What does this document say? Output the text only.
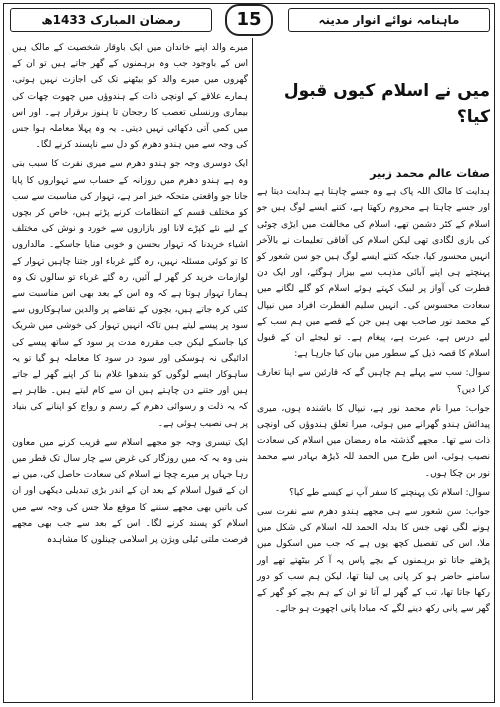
ماہنامہ نوائے انوار مدینہ
15
رمضان المبارک 1433ھ
میں نے اسلام کیوں قبول کیا؟
صفات عالم محمد زبیر

ہدایت کا مالک اللہ پاک ہے وہ جسے چاہتا ہے ہدایت دیتا ہے اور جسے چاہتا ہے محروم رکھتا ہے، کتنے ایسے لوگ ہیں جو اسلام کے کٹر دشمن تھے، اسلام کی مخالفت میں ایڑی چوٹی کی بازی لگادی تھی لیکن اسلام کی آفاقی تعلیمات نے بالآخر انہیں محسور کیا، جبکہ کتنے ایسے لوگ ہیں جو سن شعور کو پہنچتے ہی اپنے آبائی مذہب سے بیزار ہوگئے، اور ایک دن فطرت کی آواز پر لبیک کہتے ہوئے اسلام کو گلے لگانے میں سعادت محسوس کی۔ انہیں سلیم الفطرت افراد میں نیپال کے محمد نور صاحب بھی ہیں جن کے قصے میں ہم سب کے لیے درس ہے، عبرت ہے، پیغام ہے۔ تو لیجئے ان کے قبول اسلام کا قصہ ذیل کے سطور میں بیان کیا جارہا ہے:

سوال: سب سے پہلے ہم چاہیں گے کہ قارئین سے اپنا تعارف کرا دیں؟

جواب: میرا نام محمد نور ہے، نیپال کا باشندہ ہوں، میری پیدائش ہندو گھرانے میں ہوئی، میرا تعلق ہندوؤں کی اونچی ذات سے تھا۔ مجھے گذشتہ ماہ رمضان میں اسلام کی سعادت نصیب ہوئی، اس طرح میں الحمد للہ ڈیڑھ بہادر سے محمد نور بن چکا ہوں۔

سوال: اسلام تک پہنچنے کا سفر آپ نے کیسے طے کیا؟

جواب: سن شعور سے ہی مجھے ہندو دھرم سے نفرت سی ہونے لگی تھی جس کا بدلہ الحمد للہ اسلام کی شکل میں ملا، اس کی تفصیل کچھ یوں ہے کہ جب میں اسکول میں پڑھتے جاتا تو برہمنوں کے بچے پاس پہ آ کر بیٹھتے تھے اور سامنے حاضر ہو کر پانی پی لیتا تھا، لیکن ہم سب کو دور رکھا جاتا تھا، تب کے گھر لے آتا تو ان کے ہم بچے کو گھر کے گھر سے پانی رکھ دینے لگے کہ مبادا پانی اچھوت ہو جائے۔

میرے والد اپنے خاندان میں ایک باوقار شخصیت کے مالک ہیں اس کے باوجود جب وہ برہمنوں کے گھر جاتے ہیں تو ان کے گھروں میں میرے والد کو بیٹھنے تک کی اجازت نہیں ہوتی، ہمارے علاقے کے اونچی ذات کے ہندوؤں میں چھوت چھات کی بیماری ورنسلی تعصب کا رجحان تا ہنوز برقرار ہے۔ اور اس میں کمی آتی دکھائی نہیں دیتی۔ یہ وہ پہلا معاملہ ہوا جس کی وجہ سے میں ہندو دھرم کو دل سے ناپسند کرنے لگا۔

ایک دوسری وجہ جو ہندو دھرم سے میری نفرت کا سبب بنی وہ ہے ہندو دھرم میں روزانہ کے حساب سے تہواروں کا پایا جانا جو واقعتی متحکہ خیز امر ہے، تہوار کی مناسبت سے سب کو مختلف قسم کے انتظامات کرنے پڑتے ہیں، خاص کر بچوں کے لیے نئے کپڑے لانا اور بازاروں سے خورد و نوش کی مختلف اشیاء خریدنا کہ تہوار بحسن و خوبی منایا جاسکے۔ مالداروں کا تو کوئی مسئلہ نہیں، رہ گئے غرباء اور جتنا چاہیں تہوار کے لوازمات خرید کر گھر لے آئیں، رہ گئے غرباء تو سالوں تک وہ ہمارا تہوار ہوتا ہے کہ وہ اس کے بعد بھی اس مناسبت سے کئی کرہ جاتے ہیں، بچوں کے تقاضے پر والدین ساہوکاروں سے سود پر پیسے لیتے ہیں تاکہ انہیں تہوار کی خوشی میں شریک کیا جاسکے لیکن جب مقررہ مدت پر سود کے ساتھ پیسے کی ادائیگی نہ ہوسکی اور سود در سود کا معاملہ ہو گیا تو یہ ساہوکار ایسے لوگوں کو بندھوا غلام بنا کر اپنے گھر لے جاتے ہیں اور جتنے دن چاہتے ہیں ان سے کام لیتے ہیں۔ ظاہر ہے کہ یہ ذلت و رسوائی دھرم کے رسم و رواج کو اپنانے کی بنیاد پر ہی نصیب ہوئی ہے۔

ایک تیسری وجہ جو مجھے اسلام سے قریب کرنے میں معاون بنی وہ یہ کہ میں روزگار کی غرض سے چار سال تک قطر میں رہا جہاں پر میرے چچا نے اسلام کی سعادت حاصل کی، میں نے ان کے قبول اسلام کے بعد ان کے اندر بڑی تبدیلی دیکھی اور ان کی باتیں بھی مجھے سننے کا موقع ملا جس کی وجہ سے میں اسلام کو پسند کرنے لگا۔ اس کے بعد سے جب بھی مجھے فرصت ملتی ٹیلی ویژن پر اسلامی چینلوں کا مشاہدہ
